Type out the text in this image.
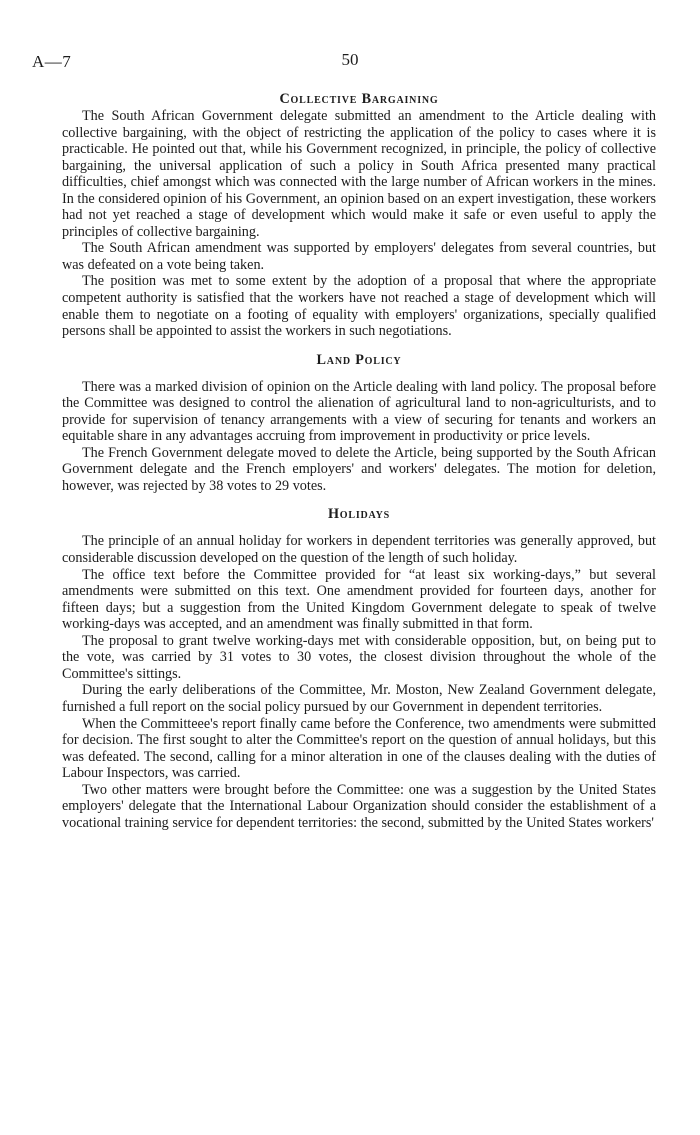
A—7	50
Collective Bargaining

The South African Government delegate submitted an amendment to the Article dealing with collective bargaining, with the object of restricting the application of the policy to cases where it is practicable. He pointed out that, while his Government recognized, in principle, the policy of collective bargaining, the universal application of such a policy in South Africa presented many practical difficulties, chief amongst which was connected with the large number of African workers in the mines. In the considered opinion of his Government, an opinion based on an expert investigation, these workers had not yet reached a stage of development which would make it safe or even useful to apply the principles of collective bargaining.

The South African amendment was supported by employers' delegates from several countries, but was defeated on a vote being taken.

The position was met to some extent by the adoption of a proposal that where the appropriate competent authority is satisfied that the workers have not reached a stage of development which will enable them to negotiate on a footing of equality with employers' organizations, specially qualified persons shall be appointed to assist the workers in such negotiations.

Land Policy

There was a marked division of opinion on the Article dealing with land policy. The proposal before the Committee was designed to control the alienation of agricultural land to non-agriculturists, and to provide for supervision of tenancy arrangements with a view of securing for tenants and workers an equitable share in any advantages accruing from improvement in productivity or price levels.

The French Government delegate moved to delete the Article, being supported by the South African Government delegate and the French employers' and workers' delegates. The motion for deletion, however, was rejected by 38 votes to 29 votes.

Holidays

The principle of an annual holiday for workers in dependent territories was generally approved, but considerable discussion developed on the question of the length of such holiday.

The office text before the Committee provided for “at least six working-days,” but several amendments were submitted on this text. One amendment provided for fourteen days, another for fifteen days; but a suggestion from the United Kingdom Government delegate to speak of twelve working-days was accepted, and an amendment was finally submitted in that form.

The proposal to grant twelve working-days met with considerable opposition, but, on being put to the vote, was carried by 31 votes to 30 votes, the closest division throughout the whole of the Committee's sittings.

During the early deliberations of the Committee, Mr. Moston, New Zealand Government delegate, furnished a full report on the social policy pursued by our Government in dependent territories.

When the Committeee's report finally came before the Conference, two amendments were submitted for decision. The first sought to alter the Committee's report on the question of annual holidays, but this was defeated. The second, calling for a minor alteration in one of the clauses dealing with the duties of Labour Inspectors, was carried.

Two other matters were brought before the Committee: one was a suggestion by the United States employers' delegate that the International Labour Organization should consider the establishment of a vocational training service for dependent territories: the second, submitted by the United States workers'
